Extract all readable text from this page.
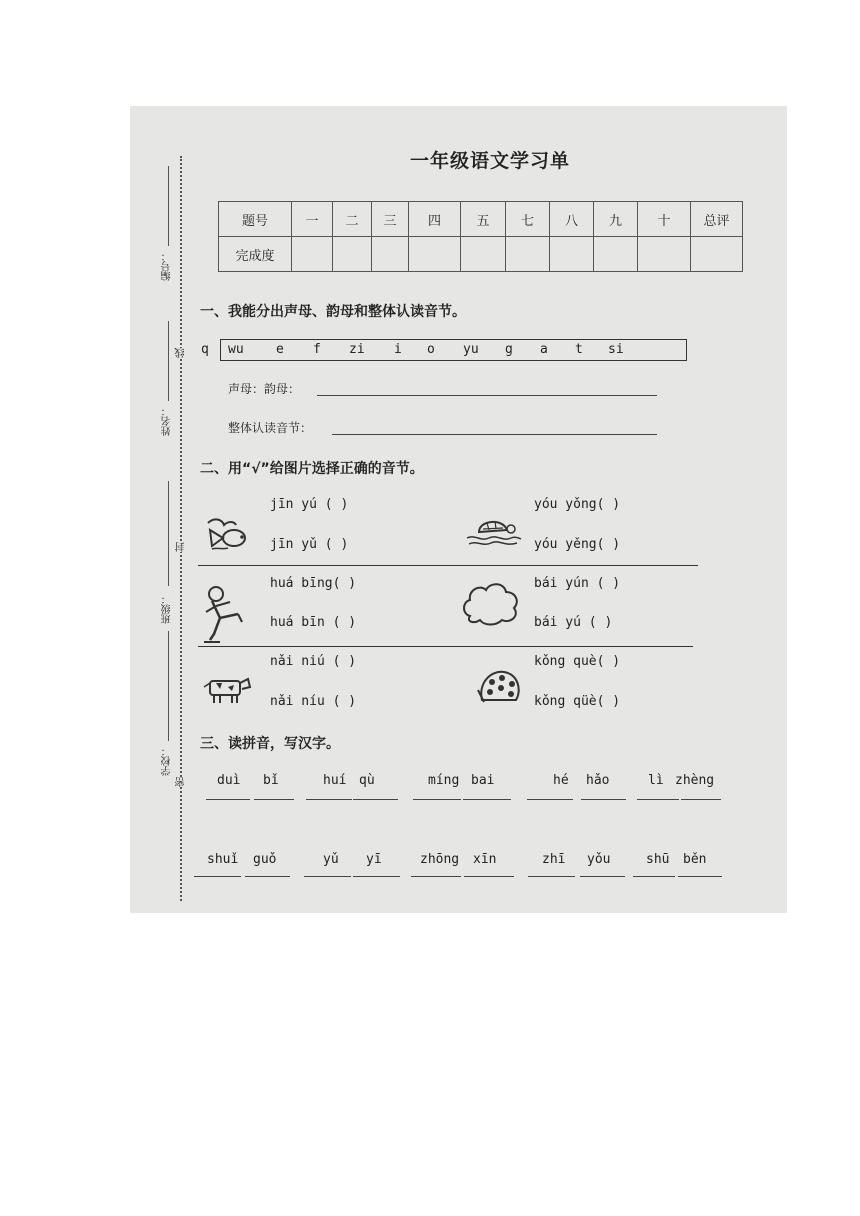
编号：
姓名：
班级：
学校：
线
封
密
一年级语文学习单
题号	一	二	三	四	五	七	八	九	十	总评
完成度										
一、我能分出声母、韵母和整体认读音节。
q wu e f zi i o yu g a t si
声母：韵母：
整体认读音节：
二、用“√”给图片选择正确的音节。
jīn yú ( )
jīn yǔ ( )
yóu yǒng( )
yóu yěng( )
huá bīng( )
huá bīn ( )
bái yún ( )
bái yú ( )
nǎi niú ( )
nǎi níu ( )
kǒng què( )
kǒng qüè( )
三、读拼音，写汉字。
duì bǐ	huí qù	míng bai	hé hǎo	lì zhèng
shuǐ guǒ	yǔ yī	zhōng xīn	zhī yǒu	shū běn
